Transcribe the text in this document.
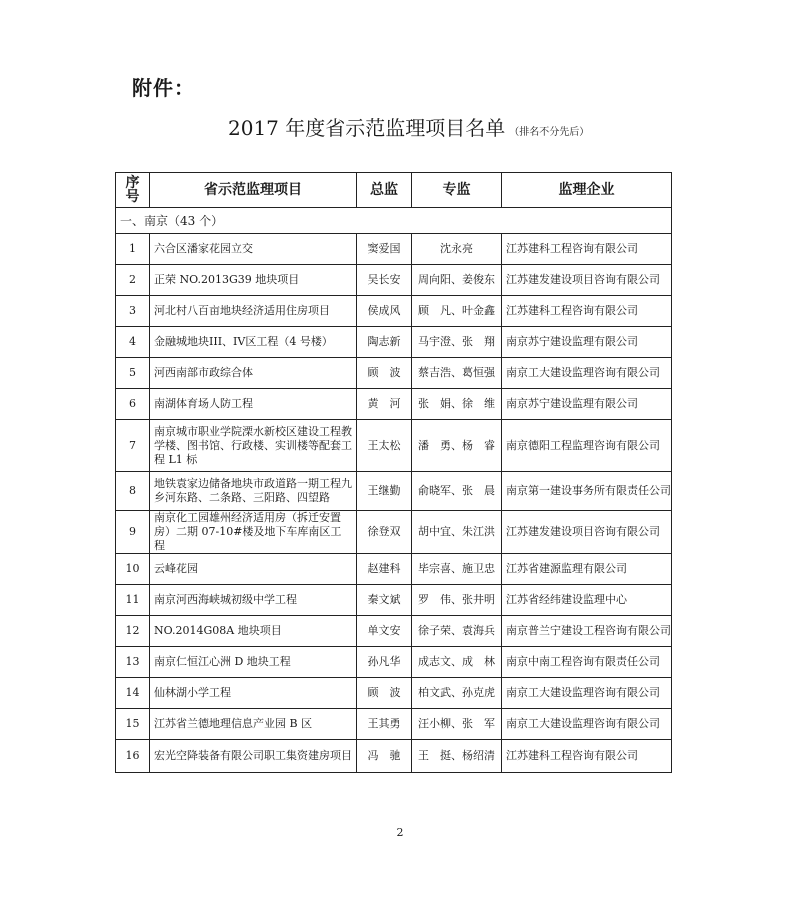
附件：
2017 年度省示范监理项目名单 （排名不分先后）
序号	省示范监理项目	总监	专监	监理企业
一、南京（43 个）				
1	六合区潘家花园立交	窦爱国	沈永亮	江苏建科工程咨询有限公司
2	正荣 NO.2013G39 地块项目	吴长安	周向阳、姜俊东	江苏建发建设项目咨询有限公司
3	河北村八百亩地块经济适用住房项目	侯成风	顾　凡、叶金鑫	江苏建科工程咨询有限公司
4	金融城地块III、IV区工程（4 号楼）	陶志新	马宇澄、张　翔	南京苏宁建设监理有限公司
5	河西南部市政综合体	顾　波	蔡吉浩、葛恒强	南京工大建设监理咨询有限公司
6	南湖体育场人防工程	黄　河	张　娟、徐　维	南京苏宁建设监理有限公司
7	南京城市职业学院溧水新校区建设工程教学楼、图书馆、行政楼、实训楼等配套工程 L1 标	王太松	潘　勇、杨　睿	南京德阳工程监理咨询有限公司
8	地铁袁家边储备地块市政道路一期工程九乡河东路、二条路、三阳路、四望路	王继勤	俞晓军、张　晨	南京第一建设事务所有限责任公司
9	南京化工园雄州经济适用房（拆迁安置房）二期 07-10#楼及地下车库南区工程	徐登双	胡中宜、朱江洪	江苏建发建设项目咨询有限公司
10	云峰花园	赵建科	毕宗喜、施卫忠	江苏省建源监理有限公司
11	南京河西海峡城初级中学工程	秦文斌	罗　伟、张井明	江苏省经纬建设监理中心
12	NO.2014G08A 地块项目	单文安	徐子荣、袁海兵	南京普兰宁建设工程咨询有限公司
13	南京仁恒江心洲 D 地块工程	孙凡华	成志文、成　林	南京中南工程咨询有限责任公司
14	仙林湖小学工程	顾　波	柏文武、孙克虎	南京工大建设监理咨询有限公司
15	江苏省兰德地理信息产业园 B 区	王其勇	汪小柳、张　军	南京工大建设监理咨询有限公司
16	宏光空降装备有限公司职工集资建房项目	冯　驰	王　挺、杨绍清	江苏建科工程咨询有限公司
2
